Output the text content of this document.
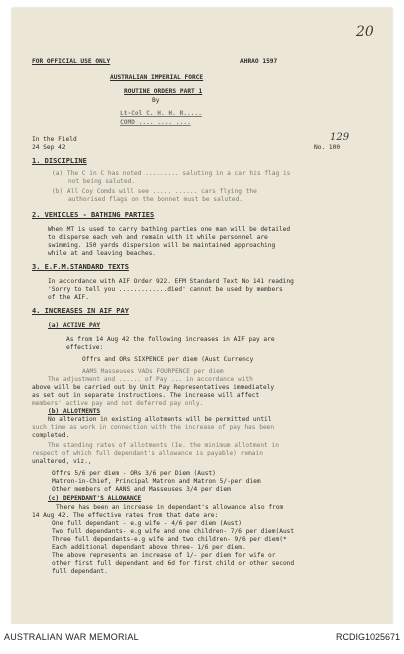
20
FOR OFFICIAL USE ONLY	AHRAO 1597
AUSTRALIAN IMPERIAL FORCE
ROUTINE ORDERS PART 1
By
Lt-Col C. H. H. R.....
COMD .... .... ....
In the Field
24 Sep 42	No. 100
129
1. DISCIPLINE
(a) The C in C has noted ......... saluting in a car his flag is
not being saluted.
(b) All Coy Comds will see ..... ...... cars flying the
authorised flags on the bonnet must be saluted.
2. VEHICLES - BATHING PARTIES
When MT is used to carry bathing parties one man will be detailed
to disperse each veh and remain with it while personnel are
swimming. 150 yards dispersion will be maintained approaching
while at and leaving beaches.
3. E.F.M.STANDARD TEXTS
In accordance with AIF Order 922. EFM Standard Text No 141 reading
'Sorry to tell you .............died' cannot be used by members
of the AIF.
4. INCREASES IN AIF PAY
(a) ACTIVE PAY
As from 14 Aug 42 the following increases in AIF pay are
effective:
Offrs and ORs SIXPENCE per diem (Aust Currency
AAMS Masseuses VADs FOURPENCE per diem
The adjustment and ...... of Pay ... in accordance with
above will be carried out by Unit Pay Representatives immediately
as set out in separate instructions. The increase will affect
members' active pay and not deferred pay only.
(b) ALLOTMENTS
No alteration in existing allotments will be permitted until
such time as work in connection with the increase of pay has been
completed.
The standing rates of allotments (Ie. the minimum allotment in
respect of which full dependant's allowance is payable) remain
unaltered, viz.,
Offrs 5/6 per diem - ORs 3/6 per Diem (Aust)
Matron-in-Chief, Principal Matron and Matron 5/-per diem
Other members of AANS and Masseuses 3/4 per diem
(c) DEPENDANT'S ALLOWANCE
There has been an increase in dependant's allowance also from
14 Aug 42. The effective rates from that date are:
One full dependant - e.g wife - 4/6 per diem (Aust)
Two full dependants- e.g wife and one children- 7/6 per diem(Aust
Three full dependants-e.g wife and two children- 9/6 per diem(*
Each additional dependant above three- 1/6 per diem.
The above represents an increase of 1/- per diem for wife or
other first full dependant and 6d for first child or other second
full dependant.
AUSTRALIAN WAR MEMORIAL	RCDIG1025671
